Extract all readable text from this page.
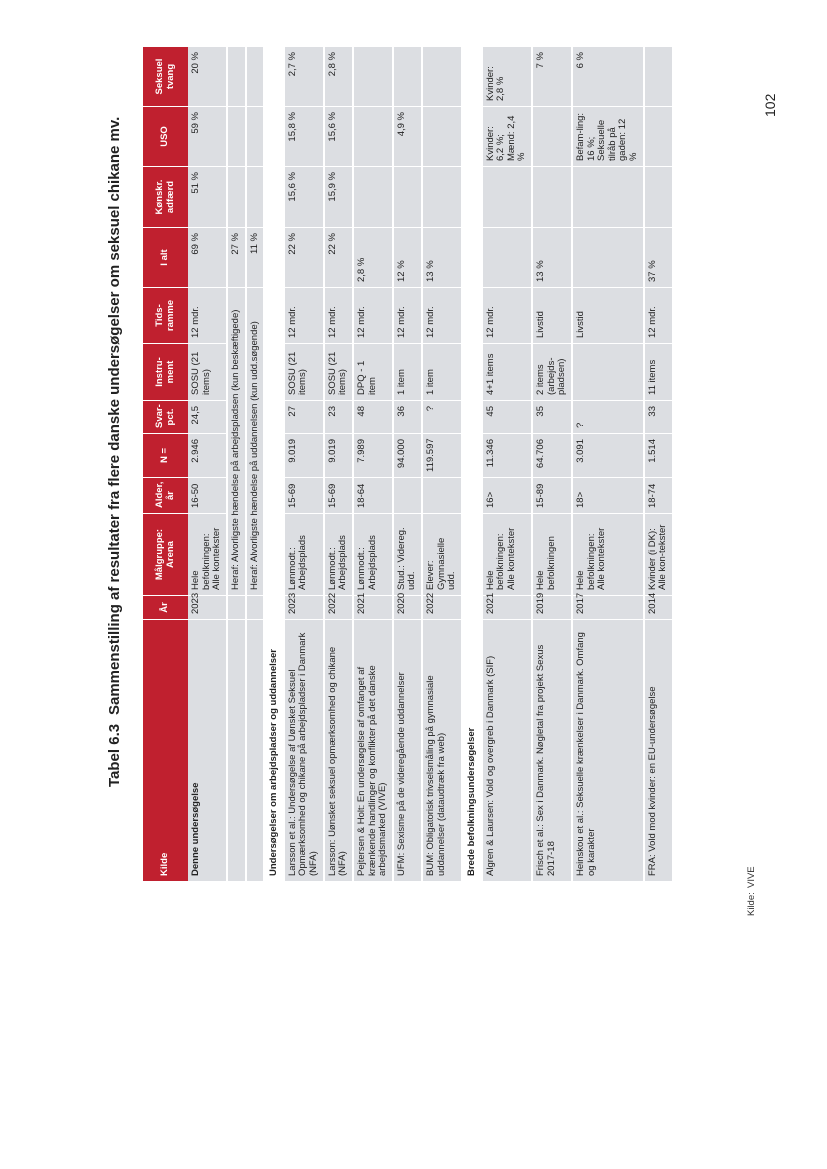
Tabel 6.3Sammenstilling af resultater fra flere danske undersøgelser om seksuel chikane mv.
Kilde	År	Målgruppe: Arena	Alder, år	N =	Svar-pct.	Instru-ment	Tids-ramme	I alt	Kønskr. adfærd	USO	Seksuel tvang
Denne undersøgelse	2023	Hele befolkningen: Alle kontekster	16-50	2.946	24,5	SOSU (21 items)	12 mdr.	69 %	51 %	59 %	20 %
		Heraf: Alvorligste hændelse på arbejdspladsen (kun beskæftigede)						27 %			
		Heraf: Alvorligste hændelse på uddannelsen (kun udd.søgende)						11 %			
Undersøgelser om arbejdspladser og uddannelser											
Larsson et al.: Undersøgelse af Uønsket Seksuel Opmærksomhed og chikane på arbejdspladser i Danmark (NFA)	2023	Lønmodt.: Arbejdsplads	15-69	9.019	27	SOSU (21 items)	12 mdr.	22 %	15,6 %	15,8 %	2,7 %
Larsson: Uønsket seksuel opmærksomhed og chikane (NFA)	2022	Lønmodt.: Arbejdsplads	15-69	9.019	23	SOSU (21 items)	12 mdr.	22 %	15,9 %	15,6 %	2,8 %
Pejtersen & Holt: En undersøgelse af omfanget af krænkende handlinger og konflikter på det danske arbejdsmarked (VIVE)	2021	Lønmodt.: Arbejdsplads	18-64	7.989	48	DPQ - 1 item	12 mdr.	2,8 %			
UFM: Sexisme på de videregående uddannelser	2020	Stud.: Videreg. udd.		94.000	36	1 item	12 mdr.	12 %		4,9 %	
BUM: Obligatorisk trivselsmåling på gymnasiale uddannelser (dataudtræk fra web)	2022	Elever: Gymnasielle udd.		119.597	?	1 item	12 mdr.	13 %			
Brede befolkningsundersøgelser											
Algren & Laursen: Vold og overgreb i Danmark (SIF)	2021	Hele befolkningen: Alle kontekster	16>	11.346	45	4+1 items	12 mdr.			Kvinder: 6,2 %; Mænd: 2,4 %	Kvinder: 2,8 %
Frisch et al.: Sex i Danmark. Nøgletal fra projekt Sexus 2017-18	2019	Hele befolkningen	15-89	64.706	35	2 items (arbejds-pladsen)	Livstid	13 %			7 %
Heinskou et al.: Seksuelle krænkelser i Danmark. Omfang og karakter	2017	Hele befolkningen: Alle kontekster	18>	3.091	?		Livstid			Befam-ling: 16 %; Seksuelle tilråb på gaden: 12 %	6 %
FRA: Vold mod kvinder: en EU-undersøgelse	2014	Kvinder (i DK): Alle kon-tekster	18-74	1.514	33	11 items	12 mdr.	37 %			
Kilde:VIVE
102
